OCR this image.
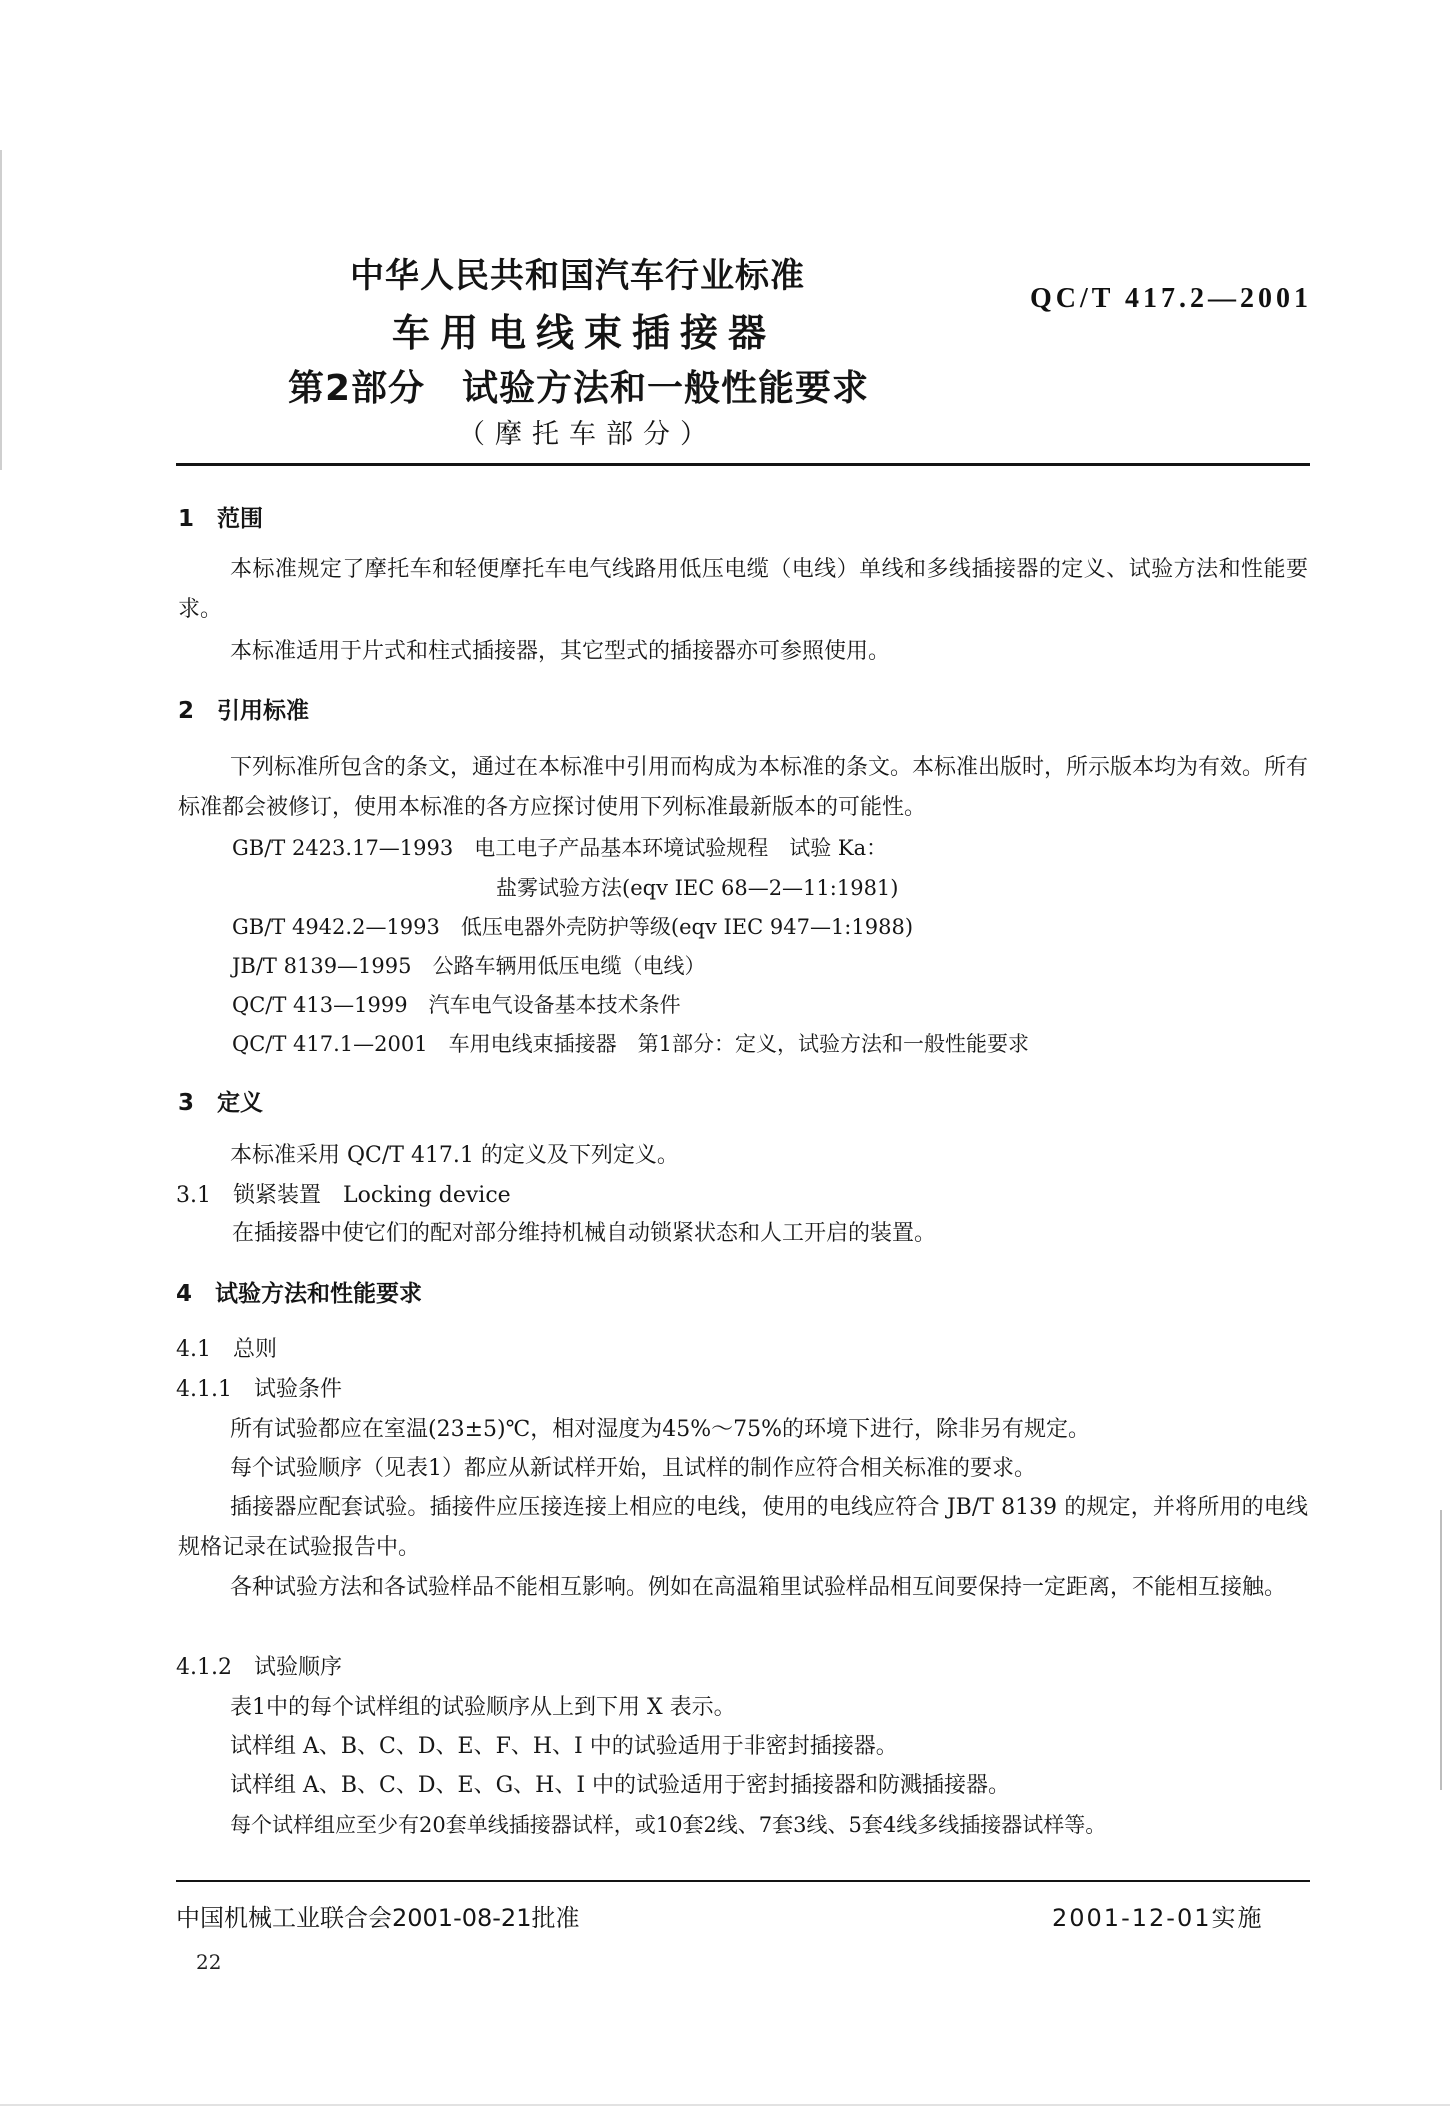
中华人民共和国汽车行业标准
车用电线束插接器
第2部分　试验方法和一般性能要求
（摩托车部分）
QC/T 417.2—2001
1　范围
本标准规定了摩托车和轻便摩托车电气线路用低压电缆（电线）单线和多线插接器的定义、试验方法和性能要求。
本标准适用于片式和柱式插接器，其它型式的插接器亦可参照使用。
2　引用标准
下列标准所包含的条文，通过在本标准中引用而构成为本标准的条文。本标准出版时，所示版本均为有效。所有标准都会被修订，使用本标准的各方应探讨使用下列标准最新版本的可能性。
GB/T 2423.17—1993　电工电子产品基本环境试验规程　试验 Ka：
盐雾试验方法(eqv IEC 68—2—11:1981)
GB/T 4942.2—1993　低压电器外壳防护等级(eqv IEC 947—1:1988)
JB/T 8139—1995　公路车辆用低压电缆（电线）
QC/T 413—1999　汽车电气设备基本技术条件
QC/T 417.1—2001　车用电线束插接器　第1部分：定义，试验方法和一般性能要求
3　定义
本标准采用 QC/T 417.1 的定义及下列定义。
3.1　锁紧装置　Locking device
在插接器中使它们的配对部分维持机械自动锁紧状态和人工开启的装置。
4　试验方法和性能要求
4.1　总则
4.1.1　试验条件
所有试验都应在室温(23±5)℃，相对湿度为45%～75%的环境下进行，除非另有规定。
每个试验顺序（见表1）都应从新试样开始，且试样的制作应符合相关标准的要求。
插接器应配套试验。插接件应压接连接上相应的电线，使用的电线应符合 JB/T 8139 的规定，并将所用的电线规格记录在试验报告中。
各种试验方法和各试验样品不能相互影响。例如在高温箱里试验样品相互间要保持一定距离，不能相互接触。
4.1.2　试验顺序
表1中的每个试样组的试验顺序从上到下用 X 表示。
试样组 A、B、C、D、E、F、H、I 中的试验适用于非密封插接器。
试样组 A、B、C、D、E、G、H、I 中的试验适用于密封插接器和防溅插接器。
每个试样组应至少有20套单线插接器试样，或10套2线、7套3线、5套4线多线插接器试样等。
中国机械工业联合会2001-08-21批准	2001-12-01实施
22
